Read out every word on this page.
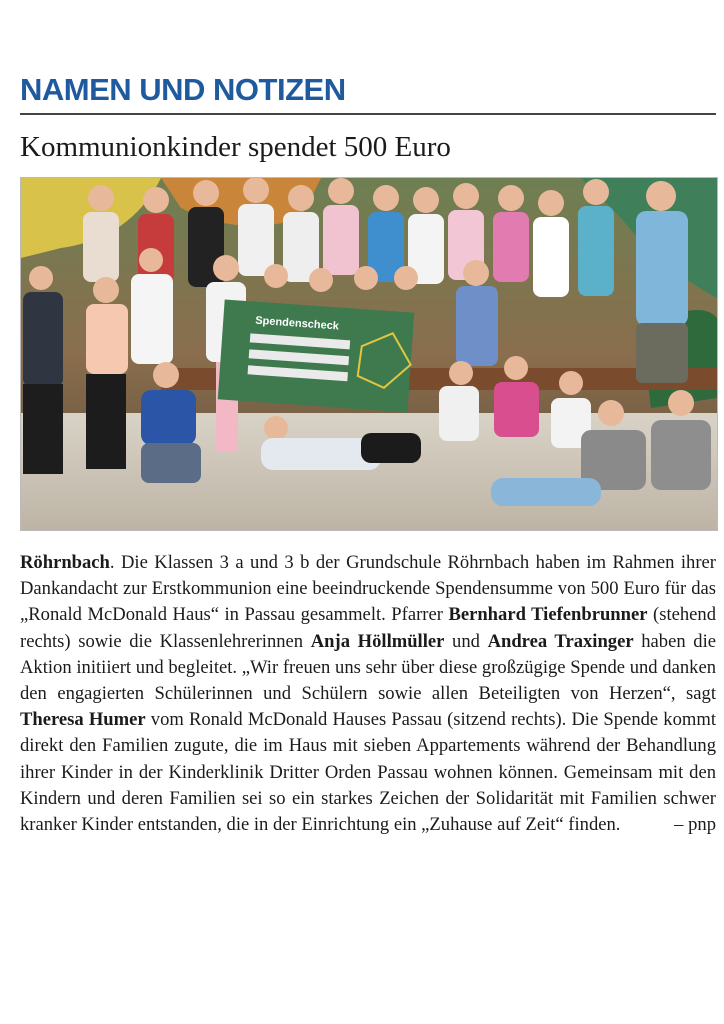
NAMEN UND NOTIZEN
Kommunionkinder spendet 500 Euro
Spendenscheck

Röhrnbach. Die Klassen 3 a und 3 b der Grundschule Röhrnbach haben im Rahmen ihrer Dankandacht zur Erstkommunion eine beeindruckende Spendensumme von 500 Euro für das „Ronald McDonald Haus“ in Passau gesammelt. Pfarrer Bernhard Tiefenbrunner (stehend rechts) sowie die Klassenlehrerinnen Anja Höllmüller und Andrea Traxinger haben die Aktion initiiert und begleitet. „Wir freuen uns sehr über diese großzügige Spende und danken den engagierten Schülerinnen und Schülern sowie allen Beteiligten von Herzen“, sagt Theresa Humer vom Ronald McDonald Hauses Passau (sitzend rechts). Die Spende kommt direkt den Familien zugute, die im Haus mit sieben Appartements während der Behandlung ihrer Kinder in der Kinderklinik Dritter Orden Passau wohnen können. Gemeinsam mit den Kindern und deren Familien sei so ein starkes Zeichen der Solidarität mit Familien schwer kranker Kinder entstanden, die in der Einrichtung ein „Zuhause auf Zeit“ finden.	– pnp
